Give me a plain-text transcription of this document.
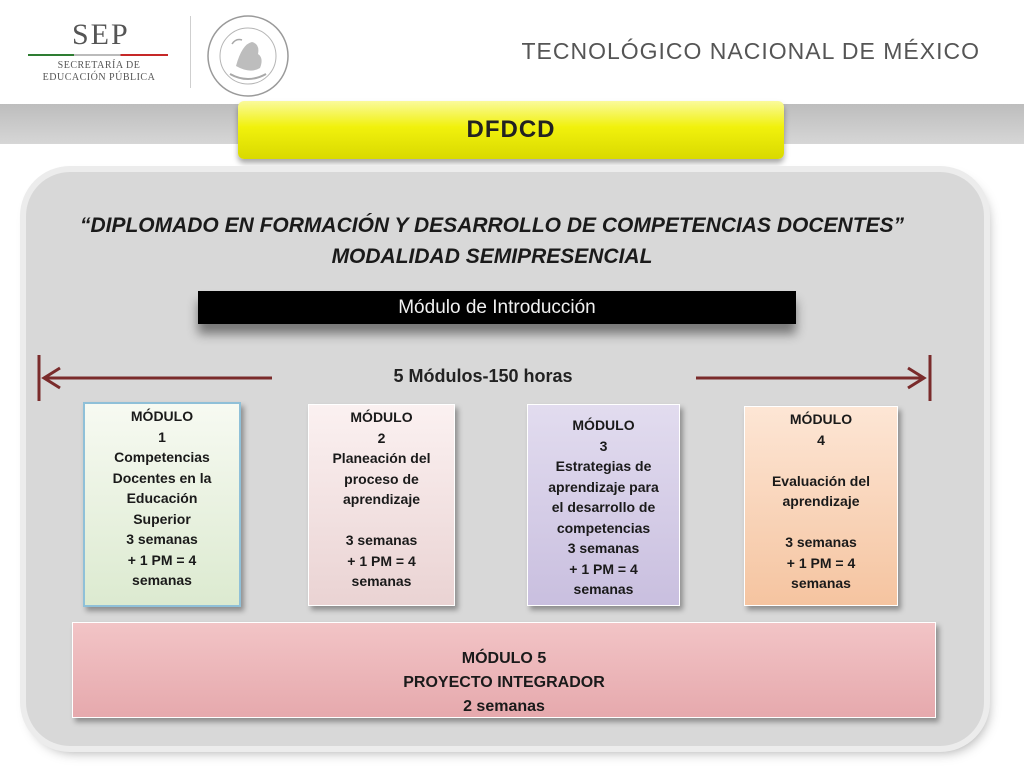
SEP
SECRETARÍA DE
EDUCACIÓN PÚBLICA
TECNOLÓGICO NACIONAL DE MÉXICO
DFDCD
“DIPLOMADO EN FORMACIÓN Y DESARROLLO DE COMPETENCIAS DOCENTES”
MODALIDAD SEMIPRESENCIAL
Módulo de Introducción
5 Módulos-150 horas
MÓDULO
1
Competencias
Docentes en la
Educación
Superior
3 semanas
+ 1 PM = 4
semanas
MÓDULO
2
Planeación del
proceso de
aprendizaje
3 semanas
+ 1 PM = 4
semanas
MÓDULO
3
Estrategias de
aprendizaje para
el desarrollo de
competencias
3 semanas
+ 1 PM = 4
semanas
MÓDULO
4
Evaluación del
aprendizaje
3 semanas
+ 1 PM = 4
semanas
MÓDULO 5
PROYECTO INTEGRADOR
2 semanas
